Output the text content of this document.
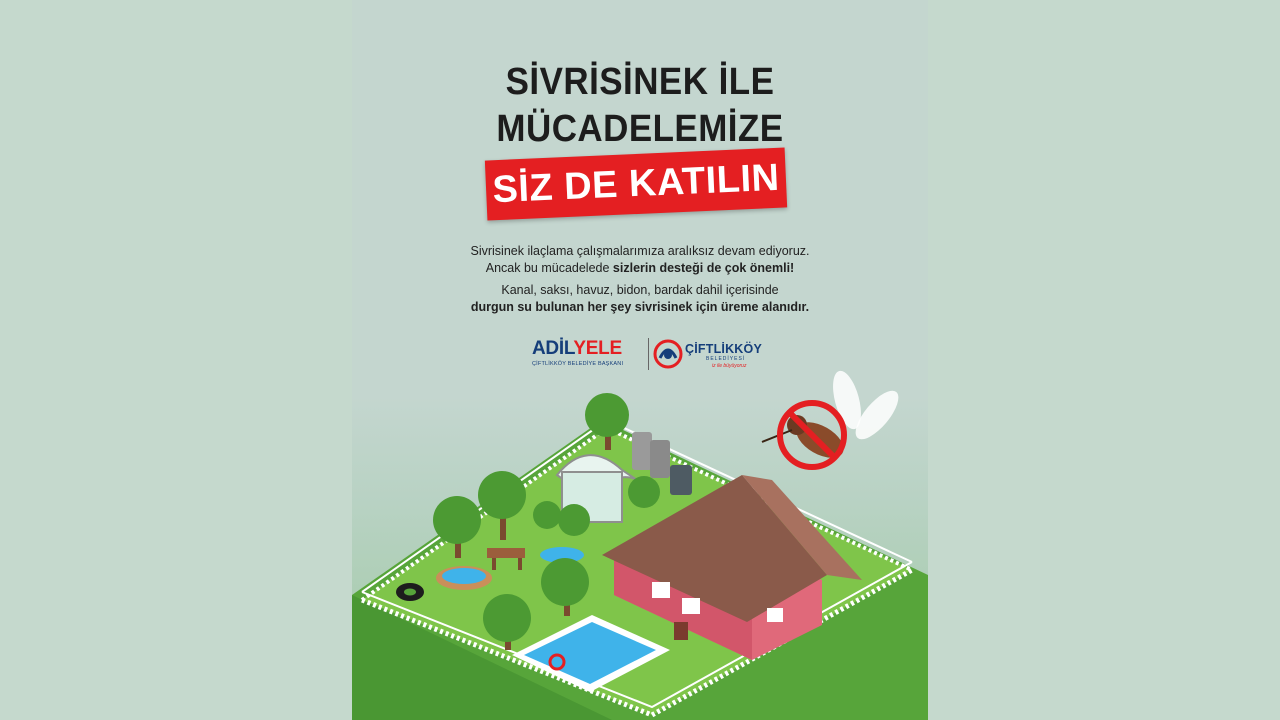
SİVRİSİNEK İLE
MÜCADELEMİZE
SİZ DE KATILIN
Sivrisinek ilaçlama çalışmalarımıza aralıksız devam ediyoruz.
Ancak bu mücadelede sizlerin desteği de çok önemli!
Kanal, saksı, havuz, bidon, bardak dahil içerisinde
durgun su bulunan her şey sivrisinek için üreme alanıdır.
ADİLYELE
ÇİFTLİKKÖY BELEDİYE BAŞKANI
ÇİFTLİKKÖY
BELEDİYESİ
iz ile büyüyoruz
